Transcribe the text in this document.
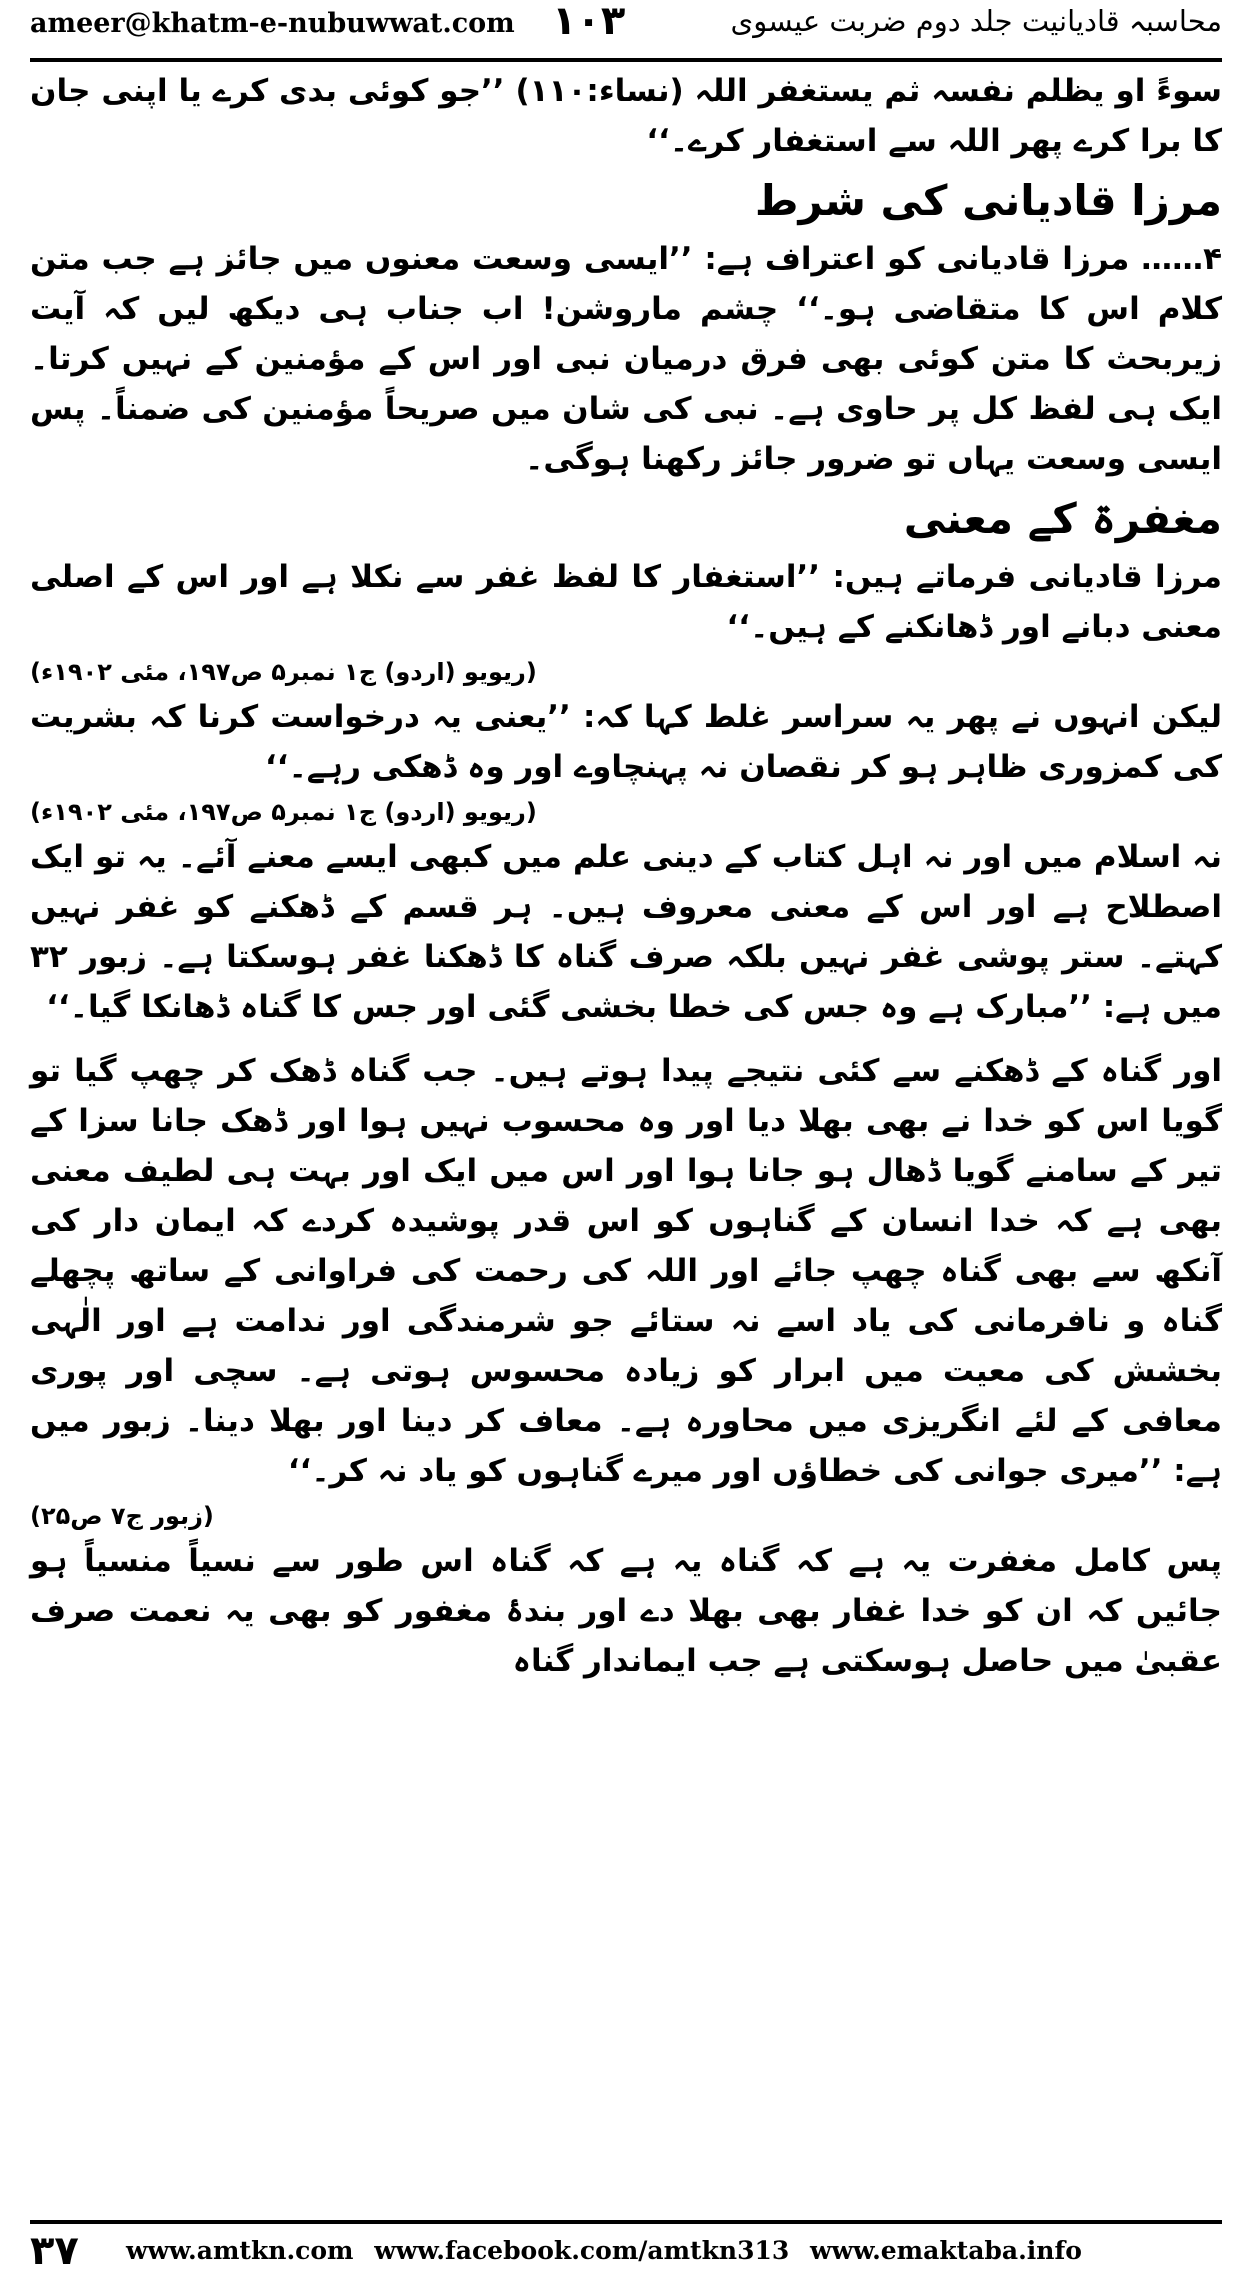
ameer@khatm-e-nubuwwat.com ۱۰۳	محاسبہ قادیانیت جلد دوم ضربت عیسوی

سوءً او یظلم نفسہ ثم یستغفر اللہ (نساء:۱۱۰) ’’جو کوئی بدی کرے یا اپنی جان کا برا کرے پھر اللہ سے استغفار کرے۔‘‘

مرزا قادیانی کی شرط

۴…… مرزا قادیانی کو اعتراف ہے: ’’ایسی وسعت معنوں میں جائز ہے جب متن کلام اس کا متقاضی ہو۔‘‘ چشم ماروشن! اب جناب ہی دیکھ لیں کہ آیت زیربحث کا متن کوئی بھی فرق درمیان نبی اور اس کے مؤمنین کے نہیں کرتا۔ ایک ہی لفظ کل پر حاوی ہے۔ نبی کی شان میں صریحاً مؤمنین کی ضمناً۔ پس ایسی وسعت یہاں تو ضرور جائز رکھنا ہوگی۔

مغفرۃ کے معنی

مرزا قادیانی فرماتے ہیں: ’’استغفار کا لفظ غفر سے نکلا ہے اور اس کے اصلی معنی دبانے اور ڈھانکنے کے ہیں۔‘‘

(ریویو (اردو) ج۱ نمبر۵ ص۱۹۷، مئی ۱۹۰۲ء)

لیکن انہوں نے پھر یہ سراسر غلط کہا کہ: ’’یعنی یہ درخواست کرنا کہ بشریت کی کمزوری ظاہر ہو کر نقصان نہ پہنچاوے اور وہ ڈھکی رہے۔‘‘

(ریویو (اردو) ج۱ نمبر۵ ص۱۹۷، مئی ۱۹۰۲ء)

نہ اسلام میں اور نہ اہل کتاب کے دینی علم میں کبھی ایسے معنے آئے۔ یہ تو ایک اصطلاح ہے اور اس کے معنی معروف ہیں۔ ہر قسم کے ڈھکنے کو غفر نہیں کہتے۔ ستر پوشی غفر نہیں بلکہ صرف گناہ کا ڈھکنا غفر ہوسکتا ہے۔ زبور ۳۲ میں ہے: ’’مبارک ہے وہ جس کی خطا بخشی گئی اور جس کا گناہ ڈھانکا گیا۔‘‘

اور گناہ کے ڈھکنے سے کئی نتیجے پیدا ہوتے ہیں۔ جب گناہ ڈھک کر چھپ گیا تو گویا اس کو خدا نے بھی بھلا دیا اور وہ محسوب نہیں ہوا اور ڈھک جانا سزا کے تیر کے سامنے گویا ڈھال ہو جانا ہوا اور اس میں ایک اور بہت ہی لطیف معنی بھی ہے کہ خدا انسان کے گناہوں کو اس قدر پوشیدہ کردے کہ ایمان دار کی آنکھ سے بھی گناہ چھپ جائے اور اللہ کی رحمت کی فراوانی کے ساتھ پچھلے گناہ و نافرمانی کی یاد اسے نہ ستائے جو شرمندگی اور ندامت ہے اور الٰہی بخشش کی معیت میں ابرار کو زیادہ محسوس ہوتی ہے۔ سچی اور پوری معافی کے لئے انگریزی میں محاورہ ہے۔ معاف کر دینا اور بھلا دینا۔ زبور میں ہے: ’’میری جوانی کی خطاؤں اور میرے گناہوں کو یاد نہ کر۔‘‘

(زبور ج۷ ص۲۵)

پس کامل مغفرت یہ ہے کہ گناہ یہ ہے کہ گناہ اس طور سے نسیاً منسیاً ہو جائیں کہ ان کو خدا غفار بھی بھلا دے اور بندۂ مغفور کو بھی یہ نعمت صرف عقبیٰ میں حاصل ہوسکتی ہے جب ایماندار گناہ

۳۷ www.amtkn.com www.facebook.com/amtkn313 www.emaktaba.info
